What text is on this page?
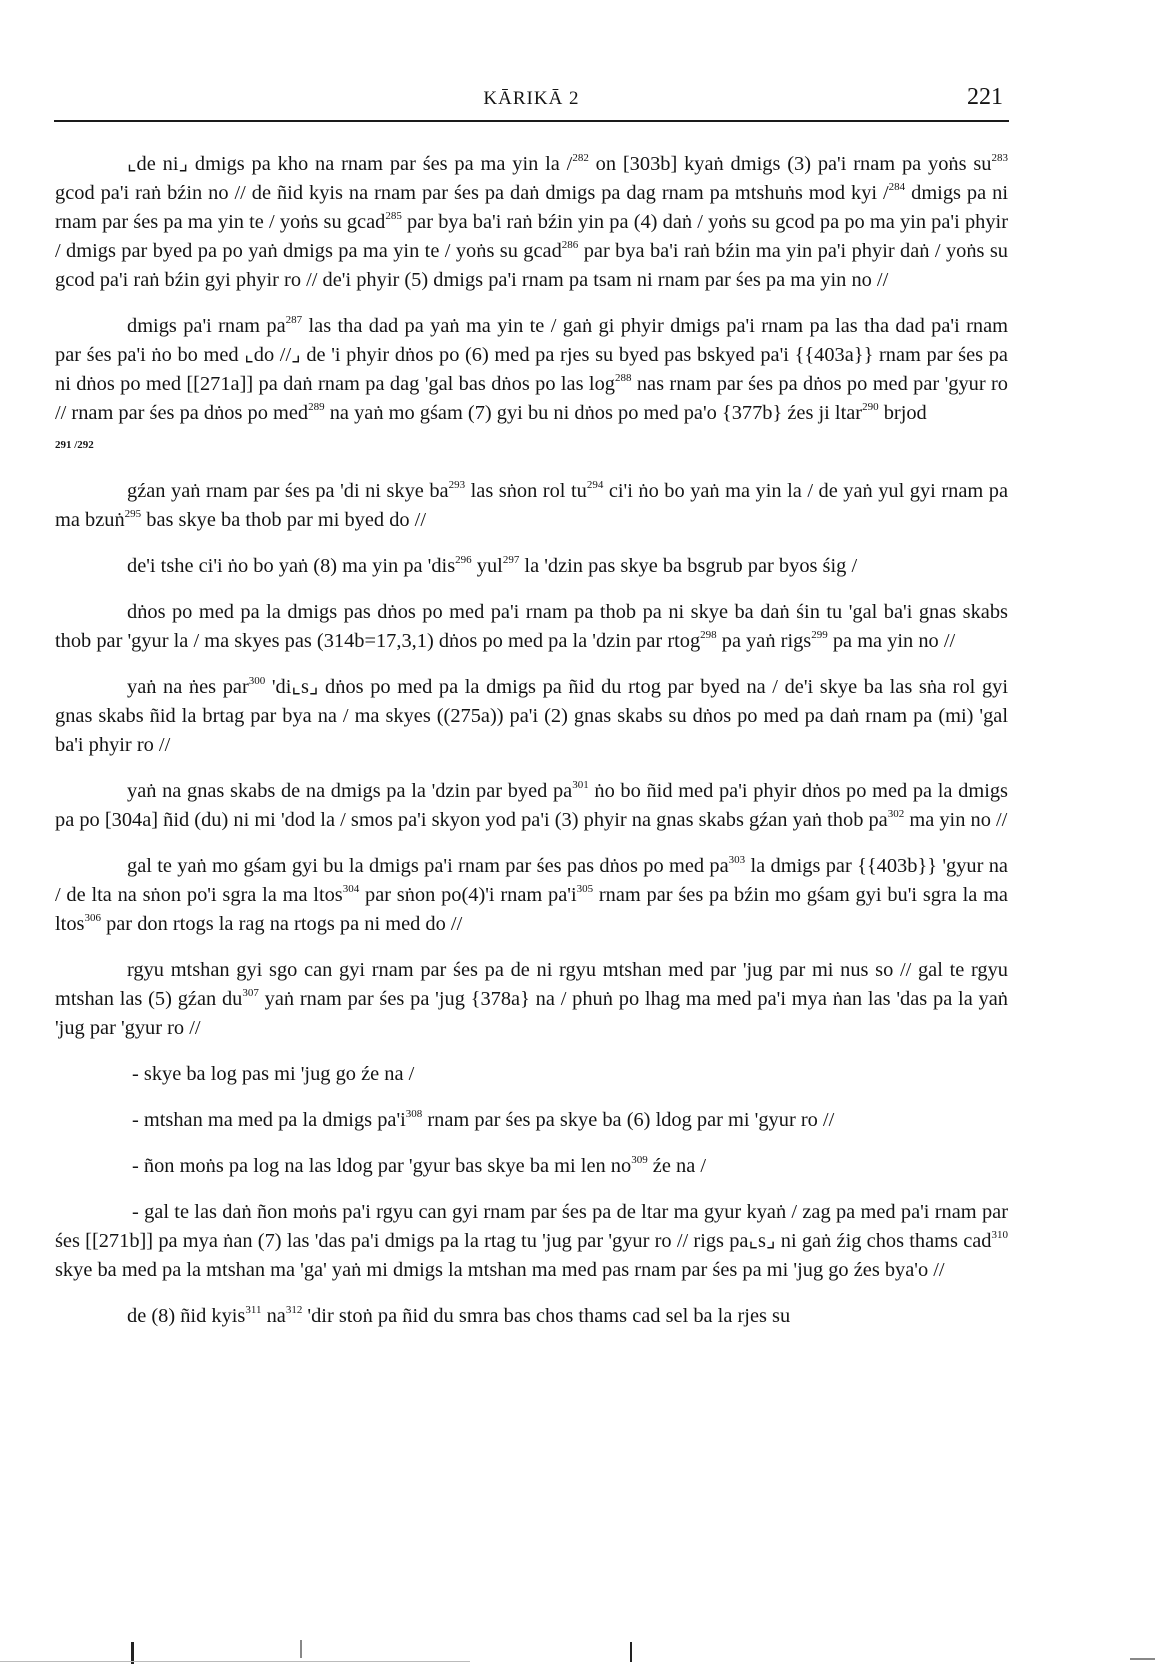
KĀRIKĀ 2	221

⌞de ni⌟ dmigs pa kho na rnam par śes pa ma yin la /$^{282}$ on [303b] kyaṅ dmigs (3) pa'i rnam pa yoṅs $su^{283}$ gcod pa'i raṅ bźin no // de ñid kyis na rnam par śes pa daṅ dmigs pa dag rnam pa mtshuṅs mod kyi /$^{284}$ dmigs pa ni rnam par śes pa ma yin te / yoṅs su gcad$^{285}$ par bya ba'i raṅ bźin yin pa (4) daṅ / yoṅs su gcod pa po ma yin pa'i phyir / dmigs par byed pa po yaṅ dmigs pa ma yin te / yoṅs su gcad$^{286}$ par bya ba'i raṅ bźin ma yin pa'i phyir daṅ / yoṅs su gcod pa'i raṅ bźin gyi phyir ro // de'i phyir (5) dmigs pa'i rnam pa tsam ni rnam par śes pa ma yin no //

dmigs pa'i rnam $pa^{287}$ las tha dad pa yaṅ ma yin te / gaṅ gi phyir dmigs pa'i rnam pa las tha dad pa'i rnam par śes pa'i ṅo bo med ⌞do //⌟ de 'i phyir dṅos po (6) med pa rjes su byed pas bskyed pa'i {{403a}} rnam par śes pa ni dṅos po med [[271a]] pa daṅ rnam pa dag 'gal bas dṅos po las $\log^{288}$ nas rnam par śes pa dṅos po med par 'gyur ro // rnam par śes pa dṅos po med$^{289}$ na yaṅ mo gśam (7) gyi bu ni dṅos po med pa'o {377b} źes ji ltar$^{290}$ brjod
291 /292

gźan yaṅ rnam par śes pa 'di ni skye $ba^{293}$ las sṅon rol $tu^{294}$ ci'i ṅo bo yaṅ ma yin la / de yaṅ yul gyi rnam pa ma bzuṅ$^{295}$ bas skye ba thob par mi byed do //

de'i tshe ci'i ṅo bo yaṅ (8) ma yin pa 'dis$^{296}$ yul$^{297}$ la 'dzin pas skye ba bsgrub par byos śig /

dṅos po med pa la dmigs pas dṅos po med pa'i rnam pa thob pa ni skye ba daṅ śin tu 'gal ba'i gnas skabs thob par 'gyur la / ma skyes pas (314b=17,3,1) dṅos po med pa la 'dzin par rtog$^{298}$ pa yaṅ rigs$^{299}$ pa ma yin no //

yaṅ na ṅes par$^{300}$ 'di⌞s⌟ dṅos po med pa la dmigs pa ñid du rtog par byed na / de'i skye ba las sṅa rol gyi gnas skabs ñid la brtag par bya na / ma skyes ((275a)) pa'i (2) gnas skabs su dṅos po med pa daṅ rnam pa (mi) 'gal ba'i phyir ro //

yaṅ na gnas skabs de na dmigs pa la 'dzin par byed $pa^{301}$ ṅo bo ñid med pa'i phyir dṅos po med pa la dmigs pa po [304a] ñid (du) ni mi 'dod la / smos pa'i skyon yod pa'i (3) phyir na gnas skabs gźan yaṅ thob $pa^{302}$ ma yin no //

gal te yaṅ mo gśam gyi bu la dmigs pa'i rnam par śes pas dṅos po med $pa^{303}$ la dmigs par {{403b}} 'gyur na / de lta na sṅon po'i sgra la ma ltos$^{304}$ par sṅon po(4)'i rnam $pa'i^{305}$ rnam par śes pa bźin mo gśam gyi bu'i sgra la ma ltos$^{306}$ par don rtogs la rag na rtogs pa ni med do //

rgyu mtshan gyi sgo can gyi rnam par śes pa de ni rgyu mtshan med par 'jug par mi nus so // gal te rgyu mtshan las (5) gźan $du^{307}$ yaṅ rnam par śes pa 'jug {378a} na / phuṅ po lhag ma med pa'i mya ṅan las 'das pa la yaṅ 'jug par 'gyur ro //

- skye ba log pas mi 'jug go źe na /

- mtshan ma med pa la dmigs $pa'i^{308}$ rnam par śes pa skye ba (6) ldog par mi 'gyur ro //

- ñon moṅs pa log na las ldog par 'gyur bas skye ba mi len $no^{309}$ źe na /

- gal te las daṅ ñon moṅs pa'i rgyu can gyi rnam par śes pa de ltar ma gyur kyaṅ / zag pa med pa'i rnam par śes [[271b]] pa mya ṅan (7) las 'das pa'i dmigs pa la rtag tu 'jug par 'gyur ro // rigs pa⌞s⌟ ni gaṅ źig chos thams cad$^{310}$ skye ba med pa la mtshan ma 'ga' yaṅ mi dmigs la mtshan ma med pas rnam par śes pa mi 'jug go źes bya'o //

de (8) ñid kyis$^{311}$ $na^{312}$ 'dir stoṅ pa ñid du smra bas chos thams cad sel ba la rjes su
